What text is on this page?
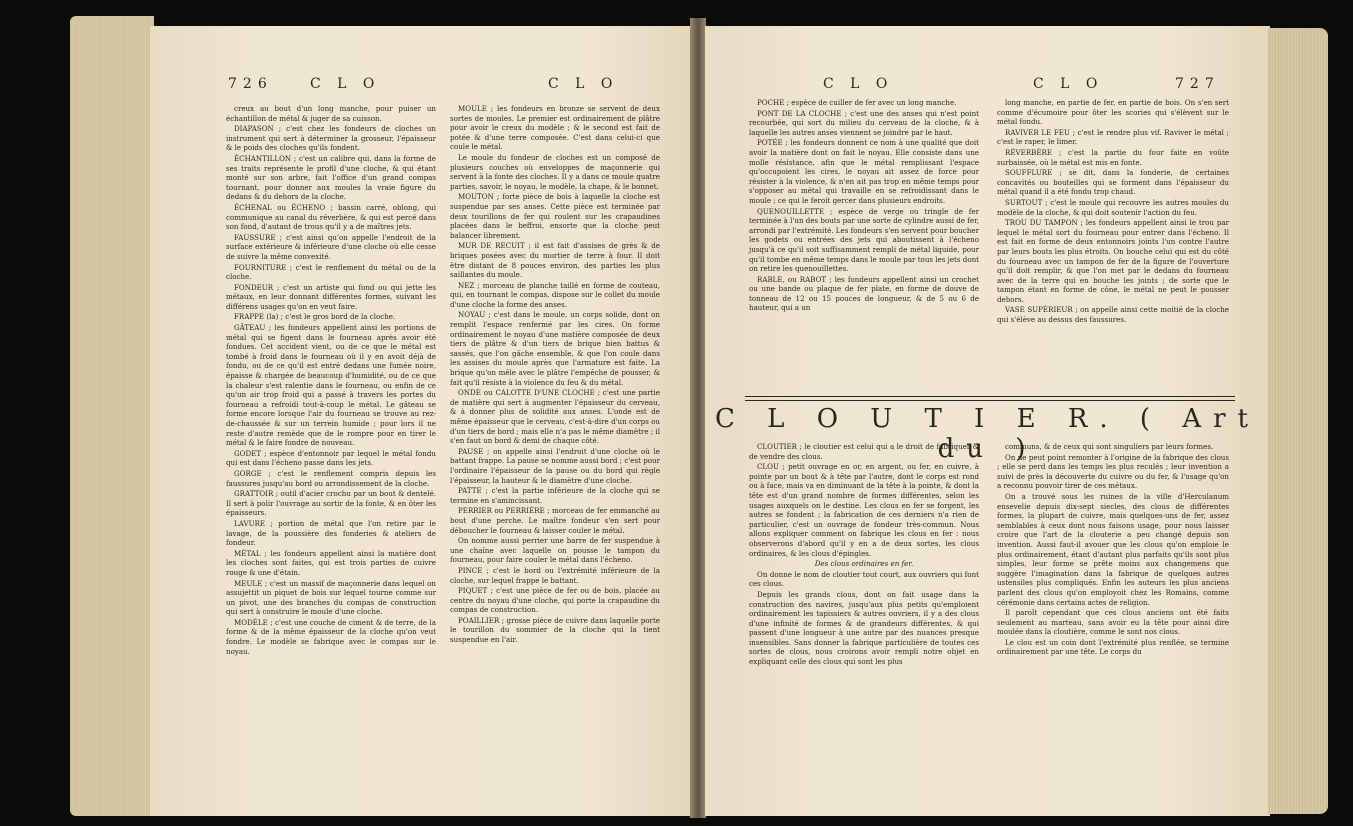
726	C L O	C L O

creux au bout d'un long manche, pour puiser un échantillon de métal & juger de sa cuisson.

DIAPASON ; c'est chez les fondeurs de cloches un instrument qui sert à déterminer la grosseur, l'épaisseur & le poids des cloches qu'ils fondent.

ÉCHANTILLON ; c'est un calibre qui, dans la forme de ses traits représente le profil d'une cloche, & qui étant monté sur son arbre, fait l'office d'un grand compas tournant, pour donner aux moules la vraie figure du dedans & du dehors de la cloche.

ÉCHENAL ou ÉCHENO ; bassin carré, oblong, qui communique au canal du réverbère, & qui est percé dans son fond, d'autant de trous qu'il y a de maîtres jets.

FAUSSURE ; c'est ainsi qu'on appelle l'endroit de la surface extérieure & inférieure d'une cloche où elle cesse de suivre la même convexité.

FOURNITURE ; c'est le renflement du métal ou de la cloche.

FONDEUR ; c'est un artiste qui fond ou qui jette les métaux, en leur donnant différentes formes, suivant les différens usages qu'on en veut faire.

FRAPPE (la) ; c'est le gros bord de la cloche.

GÂTEAU ; les fondeurs appellent ainsi les portions de métal qui se figent dans le fourneau après avoir été fondues. Cet accident vient, ou de ce que le métal est tombé à froid dans le fourneau où il y en avoit déjà de fondu, ou de ce qu'il est entré dedans une fumée noire, épaisse & chargée de beaucoup d'humidité, ou de ce que la chaleur s'est ralentie dans le fourneau, ou enfin de ce qu'un air trop froid qui a passé à travers les portes du fourneau a refroidi tout-à-coup le métal. Le gâteau se forme encore lorsque l'air du fourneau se trouve au rez-de-chaussée & sur un terrein humide ; pour lors il ne reste d'autre remède que de le rompre pour en tirer le métal & le faire fondre de nouveau.

GODET ; espèce d'entonnoir par lequel le métal fondu qui est dans l'écheno passe dans les jets.

GORGE ; c'est le renflement compris depuis les faussures jusqu'au bord ou arrondissement de la cloche.

GRATTOIR ; outil d'acier crochu par un bout & dentelé. Il sert à polir l'ouvrage au sortir de la fonte, & en ôter les épaisseurs.

LAVURE ; portion de métal que l'on retire par le lavage, de la poussière des fonderies & ateliers de fondeur.

MÉTAL ; les fondeurs appellent ainsi la matière dont les cloches sont faites, qui est trois parties de cuivre rouge & une d'étain.

MEULE ; c'est un massif de maçonnerie dans lequel on assujettit un piquet de bois sur lequel tourne comme sur un pivot, une des branches du compas de construction qui sert à construire le moule d'une cloche.

MODÈLE ; c'est une couche de ciment & de terre, de la forme & de la même épaisseur de la cloche qu'on veut fondre. Le modèle se fabrique avec le compas sur le noyau.

MOULE ; les fondeurs en bronze se servent de deux sortes de moules. Le premier est ordinairement de plâtre pour avoir le creux du modèle ; & le second est fait de potée & d'une terre composée. C'est dans celui-ci que coule le métal.

Le moule du fondeur de cloches est un composé de plusieurs couches où enveloppes de maçonnerie qui servent à la fonte des cloches. Il y a dans ce moule quatre parties, savoir, le noyau, le modèle, la chape, & le bonnet.

MOUTON ; forte pièce de bois à laquelle la cloche est suspendue par ses anses. Cette pièce est terminée par deux tourillons de fer qui roulent sur les crapaudines placées dans le beffroi, ensorte que la cloche peut balancer librement.

MUR DE RECUIT ; il est fait d'assises de grès & de briques posées avec du mortier de terre à four. Il doit être distant de 8 pouces environ, des parties les plus saillantes du moule.

NEZ ; morceau de planche taillé en forme de couteau, qui, en tournant le compas, dispose sur le collet du moule d'une cloche la forme des anses.

NOYAU ; c'est dans le moule, un corps solide, dont on remplit l'espace renfermé par les cires. On forme ordinairement le noyau d'une matière composée de deux tiers de plâtre & d'un tiers de brique bien battus & sassés, que l'on gâche ensemble, & que l'on coule dans les assises du moule après que l'armature est faite. La brique qu'on mêle avec le plâtre l'empêche de pousser, & fait qu'il résiste à la violence du feu & du métal.

ONDE ou CALOTTE D'UNE CLOCHE ; c'est une partie de matière qui sert à augmenter l'épaisseur du cerveau, & à donner plus de solidité aux anses. L'onde est de même épaisseur que le cerveau, c'est-à-dire d'un corps ou d'un tiers de bord ; mais elle n'a pas le même diamètre ; il s'en faut un bord & demi de chaque côté.

PAUSE ; on appelle ainsi l'endroit d'une cloche où le battant frappe. La pause se nomme aussi bord ; c'est pour l'ordinaire l'épaisseur de la pause ou du bord qui règle l'épaisseur, la hauteur & le diamètre d'une cloche.

PATTE ; c'est la partie inférieure de la cloche qui se termine en s'amincissant.

PERRIER ou PERRIÈRE ; morceau de fer emmanché au bout d'une perche. Le maître fondeur s'en sert pour déboucher le fourneau & laisser couler le métal.

On nomme aussi perrier une barre de fer suspendue à une chaîne avec laquelle on pousse le tampon du fourneau, pour faire couler le métal dans l'écheno.

PINCE ; c'est le bord ou l'extrémité inférieure de la cloche, sur lequel frappe le battant.

PIQUET ; c'est une pièce de fer ou de bois, placée au centre du noyau d'une cloche, qui porte la crapaudine du compas de construction.

POAILLIER ; grosse pièce de cuivre dans laquelle porte le tourillon du sommier de la cloche qui la tient suspendue en l'air.

C L O	C L O	727

POCHE ; espèce de cuiller de fer avec un long manche.

PONT DE LA CLOCHE ; c'est une des anses qui n'est point recourbée, qui sort du milieu du cerveau de la cloche, & à laquelle les autres anses viennent se joindre par le haut.

POTÉE ; les fondeurs donnent ce nom à une qualité que doit avoir la matière dont on fait le noyau. Elle consiste dans une molle résistance, afin que le métal remplissant l'espace qu'occupoient les cires, le noyau ait assez de force pour résister à la violence, & n'en ait pas trop en même temps pour s'opposer au métal qui travaille en se refroidissant dans le moule ; ce qui le feroit gercer dans plusieurs endroits.

QUENOUILLETTE ; espèce de verge ou tringle de fer terminée à l'un des bouts par une sorte de cylindre aussi de fer, arrondi par l'extrémité. Les fondeurs s'en servent pour boucher les godets ou entrées des jets qui aboutissent à l'écheno jusqu'à ce qu'il soit suffisamment rempli de métal liquide, pour qu'il tombe en même temps dans le moule par tous les jets dont on retire les quenouillettes.

RABLE, ou RABOT ; les fondeurs appellent ainsi un crochet ou une bande ou plaque de fer plate, en forme de douve de tonneau de 12 ou 15 pouces de longueur, & de 5 ou 6 de hauteur, qui a un

long manche, en partie de fer, en partie de bois. On s'en sert comme d'écumoire pour ôter les scories qui s'élèvent sur le métal fondu.

RAVIVER LE FEU ; c'est le rendre plus vif. Raviver le métal ; c'est le raper, le limer.

RÉVERBÈRE ; c'est la partie du four faite en voûte surbaissée, où le métal est mis en fonte.

SOUFFLURE ; se dit, dans la fonderie, de certaines concavités ou bouteilles qui se forment dans l'épaisseur du métal quand il a été fondu trop chaud.

SURTOUT ; c'est le moule qui recouvre les autres moules du modèle de la cloche, & qui doit soutenir l'action du feu.

TROU DU TAMPON ; les fondeurs appellent ainsi le trou par lequel le métal sort du fourneau pour entrer dans l'écheno. Il est fait en forme de deux entonnoirs joints l'un contre l'autre par leurs bouts les plus étroits. On bouche celui qui est du côté du fourneau avec un tampon de fer de la figure de l'ouverture qu'il doit remplir, & que l'on met par le dedans du fourneau avec de la terre qui en bouche les joints ; de sorte que le tampon étant en forme de cône, le métal ne peut le pousser dehors.

VASE SUPÉRIEUR ; on appelle ainsi cette moitié de la cloche qui s'élève au dessus des faussures.

C L O U T I E R. ( Art du )

CLOUTIER ; le cloutier est celui qui a le droit de fabriquer & de vendre des clous.

CLOU ; petit ouvrage en or, en argent, ou fer, en cuivre, à pointe par un bout & à tête par l'autre, dont le corps est rond ou à face, mais va en diminuant de la tête à la pointe, & dont la tête est d'un grand nombre de formes différentes, selon les usages auxquels on le destine. Les clous en fer se forgent, les autres se fondent ; la fabrication de ces derniers n'a rien de particulier, c'est un ouvrage de fondeur très-commun. Nous allons expliquer comment on fabrique les clous en fer : nous observerons d'abord qu'il y en a de deux sortes, les clous ordinaires, & les clous d'épingles.

Des clous ordinaires en fer.

On donne le nom de cloutier tout court, aux ouvriers qui font ces clous.

Depuis les grands clous, dont on fait usage dans la construction des navires, jusqu'aux plus petits qu'emploient ordinairement les tapissiers & autres ouvriers, il y a des clous d'une infinité de formes & de grandeurs différentes, & qui passent d'une longueur à une autre par des nuances presque insensibles. Sans donner la fabrique particulière de toutes ces sortes de clous, nous croirons avoir rempli notre objet en expliquant celle des clous qui sont les plus

communs, & de ceux qui sont singuliers par leurs formes.

On ne peut point remonter à l'origine de la fabrique des clous ; elle se perd dans les temps les plus reculés ; leur invention a suivi de près la découverte du cuivre ou du fer, & l'usage qu'on a reconnu pouvoir tirer de ces métaux.

On a trouvé sous les ruines de la ville d'Herculanum ensevelie depuis dix-sept siecles, des clous de différentes formes, la plupart de cuivre, mais quelques-uns de fer, assez semblables à ceux dont nous faisons usage, pour nous laisser croire que l'art de la clouterie a peu changé depuis son invention. Aussi faut-il avouer que les clous qu'on emploie le plus ordinairement, étant d'autant plus parfaits qu'ils sont plus simples, leur forme se prête moins aux changemens que suggère l'imagination dans la fabrique de quelques autres ustensiles plus compliqués. Enfin les auteurs les plus anciens parlent des clous qu'on employoit chez les Romains, comme cérémonie dans certains actes de religion.

Il paroît cependant que ces clous anciens ont été faits seulement au marteau, sans avoir eu la tête pour ainsi dire moulée dans la cloutière, comme le sont nos clous.

Le clou est un coin dont l'extrémité plus renflée, se termine ordinairement par une tête. Le corps du
